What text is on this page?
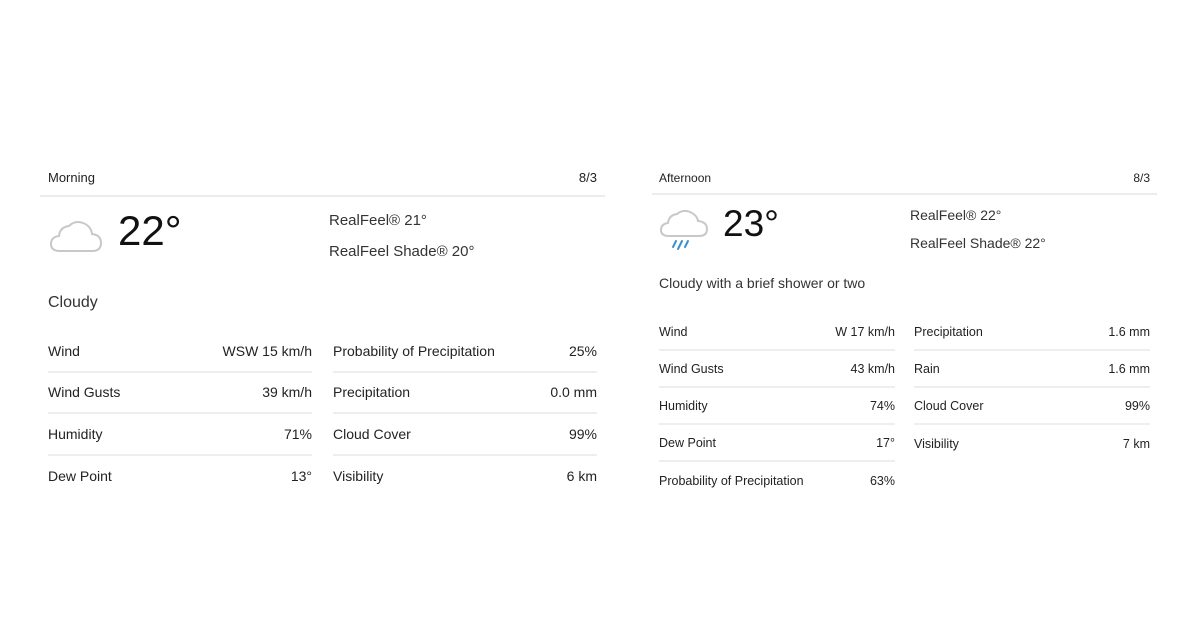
Morning	8/3
22°	RealFeel® 21°
RealFeel Shade® 20°
Cloudy
Wind	WSW 15 km/h
Wind Gusts	39 km/h
Humidity	71%
Dew Point	13°
Probability of Precipitation	25%
Precipitation	0.0 mm
Cloud Cover	99%
Visibility	6 km
Afternoon	8/3
23°	RealFeel® 22°
RealFeel Shade® 22°
Cloudy with a brief shower or two
Wind	W 17 km/h
Wind Gusts	43 km/h
Humidity	74%
Dew Point	17°
Probability of Precipitation	63%
Precipitation	1.6 mm
Rain	1.6 mm
Cloud Cover	99%
Visibility	7 km
